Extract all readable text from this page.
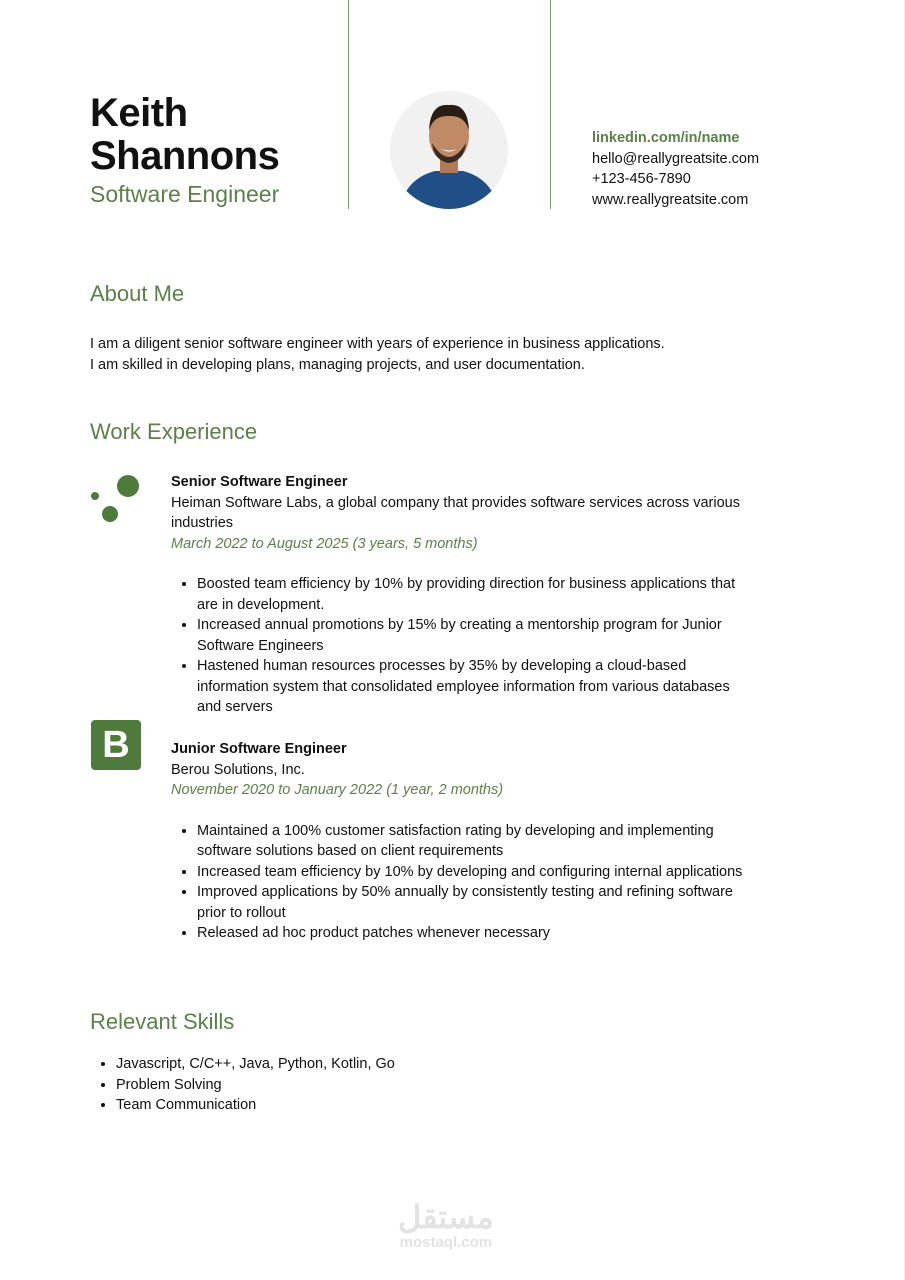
Keith
Shannons
Software Engineer
linkedin.com/in/name
hello@reallygreatsite.com
+123-456-7890
www.reallygreatsite.com
About Me
I am a diligent senior software engineer with years of experience in business applications.
I am skilled in developing plans, managing projects, and user documentation.
Work Experience
Senior Software Engineer
Heiman Software Labs, a global company that provides software services across various industries
March 2022 to August 2025 (3 years, 5 months)
• Boosted team efficiency by 10% by providing direction for business applications that are in development.
• Increased annual promotions by 15% by creating a mentorship program for Junior Software Engineers
• Hastened human resources processes by 35% by developing a cloud-based information system that consolidated employee information from various databases and servers
B	Junior Software Engineer
Berou Solutions, Inc.
November 2020 to January 2022 (1 year, 2 months)
• Maintained a 100% customer satisfaction rating by developing and implementing software solutions based on client requirements
• Increased team efficiency by 10% by developing and configuring internal applications
• Improved applications by 50% annually by consistently testing and refining software prior to rollout
• Released ad hoc product patches whenever necessary
Relevant Skills
• Javascript, C/C++, Java, Python, Kotlin, Go
• Problem Solving
• Team Communication
مستقل
mostaql.com
